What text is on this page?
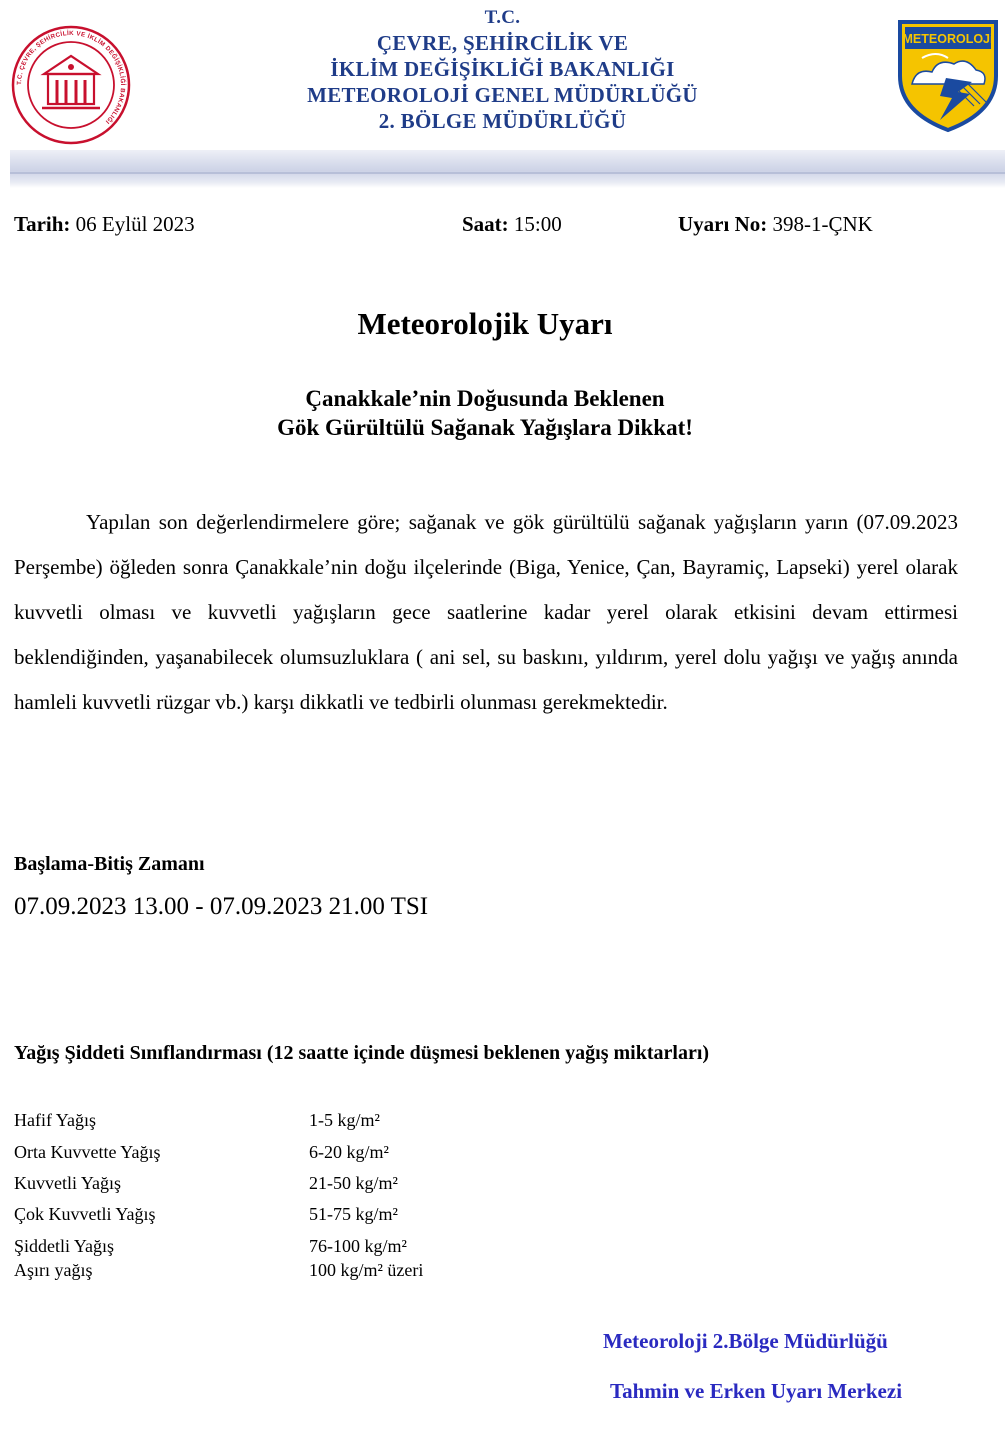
T.C. ÇEVRE, ŞEHİRCİLİK VE İKLİM DEĞİŞİKLİĞİ BAKANLIĞI
T.C.
ÇEVRE, ŞEHİRCİLİK VE
İKLİM DEĞİŞİKLİĞİ BAKANLIĞI
METEOROLOJİ GENEL MÜDÜRLÜĞÜ
2. BÖLGE MÜDÜRLÜĞÜ
METEOROLOJi
Tarih: 06 Eylül 2023	Saat: 15:00	Uyarı No: 398-1-ÇNK
Meteorolojik Uyarı
Çanakkale’nin Doğusunda Beklenen
Gök Gürültülü Sağanak Yağışlara Dikkat!
Yapılan son değerlendirmelere göre; sağanak ve gök gürültülü sağanak yağışların yarın (07.09.2023 Perşembe) öğleden sonra Çanakkale’nin doğu ilçelerinde (Biga, Yenice, Çan, Bayramiç, Lapseki) yerel olarak kuvvetli olması ve kuvvetli yağışların gece saatlerine kadar yerel olarak etkisini devam ettirmesi beklendiğinden, yaşanabilecek olumsuzluklara ( ani sel, su baskını, yıldırım, yerel dolu yağışı ve yağış anında hamleli kuvvetli rüzgar vb.) karşı dikkatli ve tedbirli olunması gerekmektedir.
Başlama-Bitiş Zamanı
07.09.2023 13.00 - 07.09.2023 21.00 TSI
Yağış Şiddeti Sınıflandırması (12 saatte içinde düşmesi beklenen yağış miktarları)
Hafif Yağış	1-5 kg/m²
Orta Kuvvette Yağış	6-20 kg/m²
Kuvvetli Yağış	21-50 kg/m²
Çok Kuvvetli Yağış	51-75 kg/m²
Şiddetli Yağış	76-100 kg/m²
Aşırı yağış	100 kg/m² üzeri
Meteoroloji 2.Bölge Müdürlüğü
Tahmin ve Erken Uyarı Merkezi
